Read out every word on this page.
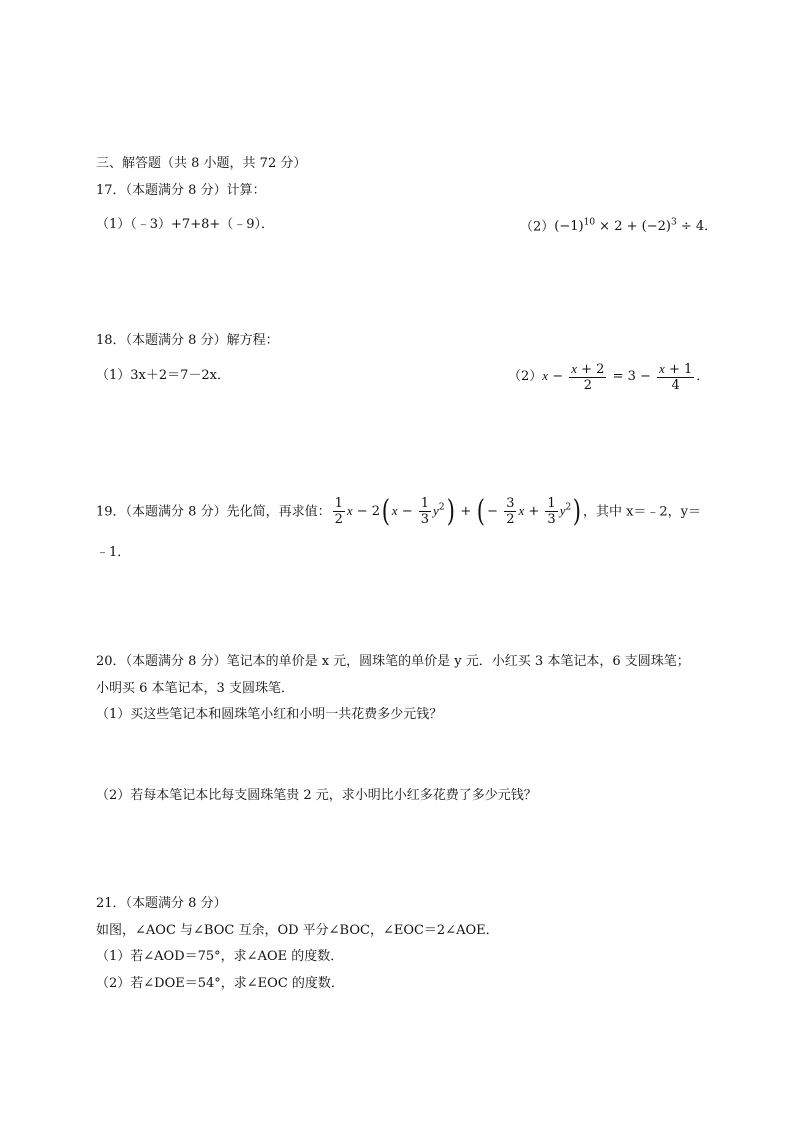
三、解答题（共 8 小题，共 72 分）
17．（本题满分 8 分）计算：
（1）（﹣3）+7+8+（﹣9）．	$(2)(-1)^{10} \times 2 + (-2)^3 \div 4$．
18．（本题满分 8 分）解方程：
（1）3x＋2＝7－2x．	$(2)x - \frac{x + 2}{2} = 3 - \frac{x + 1}{4}$ ．
19．（本题满分 8 分）先化简，再求值： $\frac{1}{2}$ x − 2( $x - \frac{1}{3} y^2$) + ( − $\frac{3}{2}$ $x + \frac{1}{3} y^2$) ，其中 x＝﹣2，y＝
﹣1．
20．（本题满分 8 分）笔记本的单价是 x 元，圆珠笔的单价是 y 元．小红买 3 本笔记本，6 支圆珠笔；
小明买 6 本笔记本，3 支圆珠笔．
（1）买这些笔记本和圆珠笔小红和小明一共花费多少元钱？
（2）若每本笔记本比每支圆珠笔贵 2 元，求小明比小红多花费了多少元钱？
21．（本题满分 8 分）
如图，∠AOC 与∠BOC 互余，OD 平分∠BOC，∠EOC＝2∠AOE．
（1）若∠AOD＝75°，求∠AOE 的度数．
（2）若∠DOE＝54°，求∠EOC 的度数．
